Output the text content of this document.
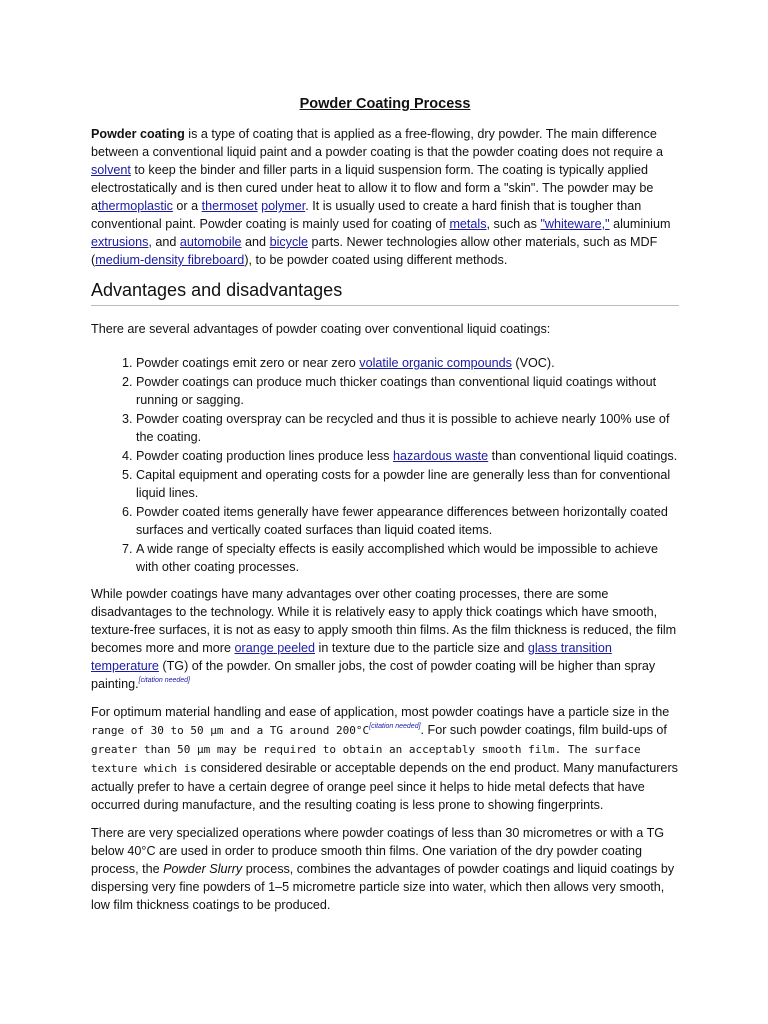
Powder Coating Process

Powder coating is a type of coating that is applied as a free-flowing, dry powder. The main difference between a conventional liquid paint and a powder coating is that the powder coating does not require a solvent to keep the binder and filler parts in a liquid suspension form. The coating is typically applied electrostatically and is then cured under heat to allow it to flow and form a "skin". The powder may be athermoplastic or a thermoset polymer. It is usually used to create a hard finish that is tougher than conventional paint. Powder coating is mainly used for coating of metals, such as "whiteware," aluminium extrusions, and automobile and bicycle parts. Newer technologies allow other materials, such as MDF (medium-density fibreboard), to be powder coated using different methods.

Advantages and disadvantages

There are several advantages of powder coating over conventional liquid coatings:

1. Powder coatings emit zero or near zero volatile organic compounds (VOC).
2. Powder coatings can produce much thicker coatings than conventional liquid coatings without running or sagging.
3. Powder coating overspray can be recycled and thus it is possible to achieve nearly 100% use of the coating.
4. Powder coating production lines produce less hazardous waste than conventional liquid coatings.
5. Capital equipment and operating costs for a powder line are generally less than for conventional liquid lines.
6. Powder coated items generally have fewer appearance differences between horizontally coated surfaces and vertically coated surfaces than liquid coated items.
7. A wide range of specialty effects is easily accomplished which would be impossible to achieve with other coating processes.

While powder coatings have many advantages over other coating processes, there are some disadvantages to the technology. While it is relatively easy to apply thick coatings which have smooth, texture-free surfaces, it is not as easy to apply smooth thin films. As the film thickness is reduced, the film becomes more and more orange peeled in texture due to the particle size and glass transition temperature (TG) of the powder. On smaller jobs, the cost of powder coating will be higher than spray painting.[citation needed]

For optimum material handling and ease of application, most powder coatings have a particle size in the range of 30 to 50 µm and a TG around 200°C[citation needed]. For such powder coatings, film build-ups of greater than 50 µm may be required to obtain an acceptably smooth film. The surface texture which is considered desirable or acceptable depends on the end product. Many manufacturers actually prefer to have a certain degree of orange peel since it helps to hide metal defects that have occurred during manufacture, and the resulting coating is less prone to showing fingerprints.

There are very specialized operations where powder coatings of less than 30 micrometres or with a TG below 40°C are used in order to produce smooth thin films. One variation of the dry powder coating process, the Powder Slurry process, combines the advantages of powder coatings and liquid coatings by dispersing very fine powders of 1–5 micrometre particle size into water, which then allows very smooth, low film thickness coatings to be produced.
